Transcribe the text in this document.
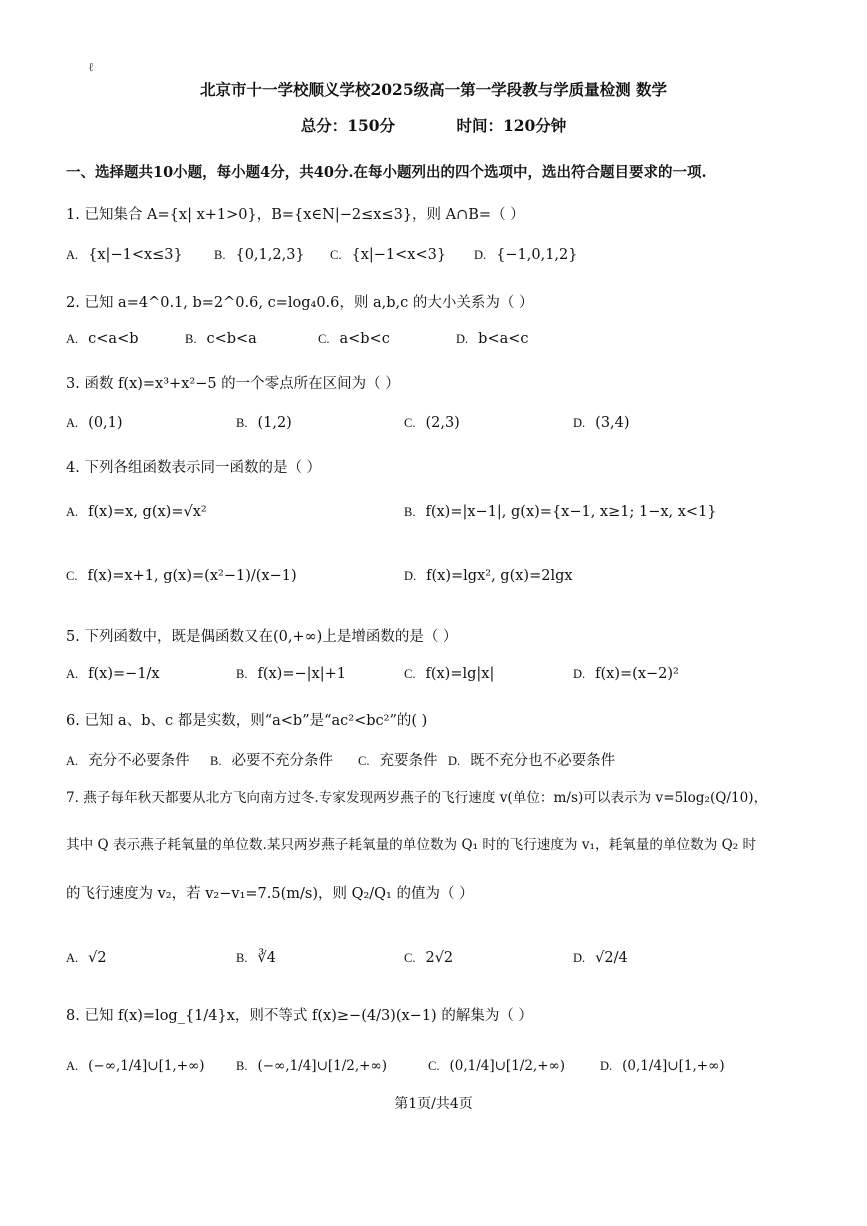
ℓ
北京市十一学校顺义学校2025级高一第一学段教与学质量检测 数学
总分：150分	时间：120分钟
一、选择题共10小题，每小题4分，共40分.在每小题列出的四个选项中，选出符合题目要求的一项.
1. 已知集合 A={x| x+1>0}，B={x∈N|−2≤x≤3}，则 A∩B=（ ）
A. {x|−1<x≤3}	B. {0,1,2,3} C. {x|−1<x<3} D. {−1,0,1,2}
2. 已知 a=4^0.1, b=2^0.6, c=log₄0.6，则 a,b,c 的大小关系为（ ）
A. c<a<b	B. c<b<a	C. a<b<c	D. b<a<c
3. 函数 f(x)=x³+x²−5 的一个零点所在区间为（ ）
A. (0,1)	B. (1,2)	C. (2,3)	D. (3,4)
4. 下列各组函数表示同一函数的是（ ）
A. f(x)=x, g(x)=√x²	B. f(x)=|x−1|, g(x)={x−1, x≥1; 1−x, x<1}
C. f(x)=x+1, g(x)=(x²−1)/(x−1)	D. f(x)=lgx², g(x)=2lgx
5. 下列函数中，既是偶函数又在(0,+∞)上是增函数的是（ ）
A. f(x)=−1/x	B. f(x)=−|x|+1	C. f(x)=lg|x|	D. f(x)=(x−2)²
6. 已知 a、b、c 都是实数，则“a<b”是“ac²<bc²”的( )
A. 充分不必要条件 B. 必要不充分条件 C. 充要条件 D. 既不充分也不必要条件
7. 燕子每年秋天都要从北方飞向南方过冬.专家发现两岁燕子的飞行速度 v(单位：m/s)可以表示为 v=5log₂(Q/10)，
其中 Q 表示燕子耗氧量的单位数.某只两岁燕子耗氧量的单位数为 Q₁ 时的飞行速度为 v₁，耗氧量的单位数为 Q₂ 时
的飞行速度为 v₂，若 v₂−v₁=7.5(m/s)，则 Q₂/Q₁ 的值为（ ）
A. √2	B. ∛4	C. 2√2	D. √2/4
8. 已知 f(x)=log_{1/4}x，则不等式 f(x)≥−(4/3)(x−1) 的解集为（ ）
A. (−∞,1/4]∪[1,+∞)	B. (−∞,1/4]∪[1/2,+∞)	C. (0,1/4]∪[1/2,+∞)	D. (0,1/4]∪[1,+∞)
第1页/共4页
